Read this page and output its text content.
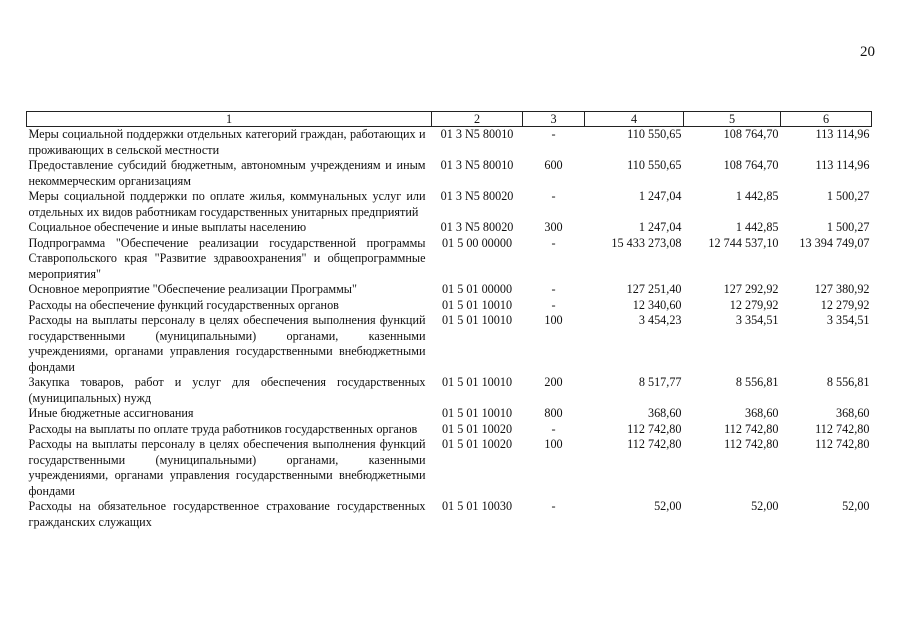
20
1	2	3	4	5	6
Меры социальной поддержки отдельных категорий граждан, работающих и проживающих в сельской местности	01 3 N5 80010	-	110 550,65	108 764,70	113 114,96
Предоставление субсидий бюджетным, автономным учреждениям и иным некоммерческим организациям	01 3 N5 80010	600	110 550,65	108 764,70	113 114,96
Меры социальной поддержки по оплате жилья, коммунальных услуг или отдельных их видов работникам государственных унитарных предприятий	01 3 N5 80020	-	1 247,04	1 442,85	1 500,27
Социальное обеспечение и иные выплаты населению	01 3 N5 80020	300	1 247,04	1 442,85	1 500,27
Подпрограмма "Обеспечение реализации государственной программы Ставропольского края "Развитие здравоохранения" и общепрограммные мероприятия"	01 5 00 00000	-	15 433 273,08	12 744 537,10	13 394 749,07
Основное мероприятие "Обеспечение реализации Программы"	01 5 01 00000	-	127 251,40	127 292,92	127 380,92
Расходы на обеспечение функций государственных органов	01 5 01 10010	-	12 340,60	12 279,92	12 279,92
Расходы на выплаты персоналу в целях обеспечения выполнения функций государственными (муниципальными) органами, казенными учреждениями, органами управления государственными внебюджетными фондами	01 5 01 10010	100	3 454,23	3 354,51	3 354,51
Закупка товаров, работ и услуг для обеспечения государственных (муниципальных) нужд	01 5 01 10010	200	8 517,77	8 556,81	8 556,81
Иные бюджетные ассигнования	01 5 01 10010	800	368,60	368,60	368,60
Расходы на выплаты по оплате труда работников государственных органов	01 5 01 10020	-	112 742,80	112 742,80	112 742,80
Расходы на выплаты персоналу в целях обеспечения выполнения функций государственными (муниципальными) органами, казенными учреждениями, органами управления государственными внебюджетными фондами	01 5 01 10020	100	112 742,80	112 742,80	112 742,80
Расходы на обязательное государственное страхование государственных гражданских служащих	01 5 01 10030	-	52,00	52,00	52,00
